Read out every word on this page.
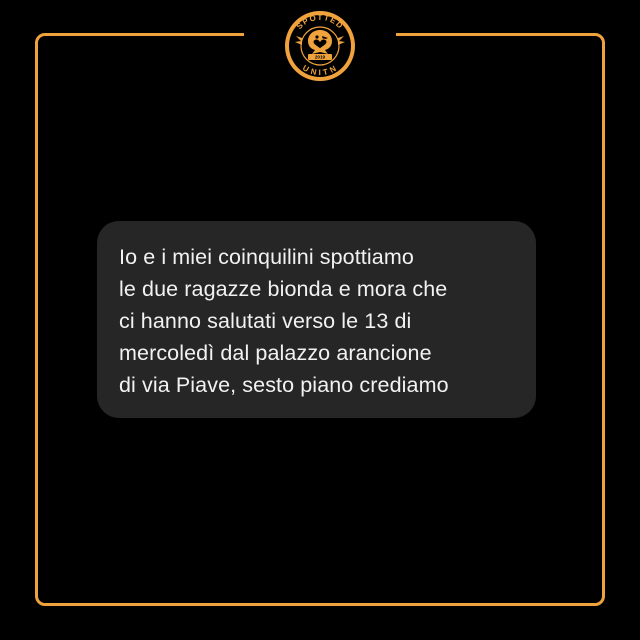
SPOTTED
UNITN
2019

Io e i miei coinquilini spottiamo
le due ragazze bionda e mora che
ci hanno salutati verso le 13 di
mercoledì dal palazzo arancione
di via Piave, sesto piano crediamo
